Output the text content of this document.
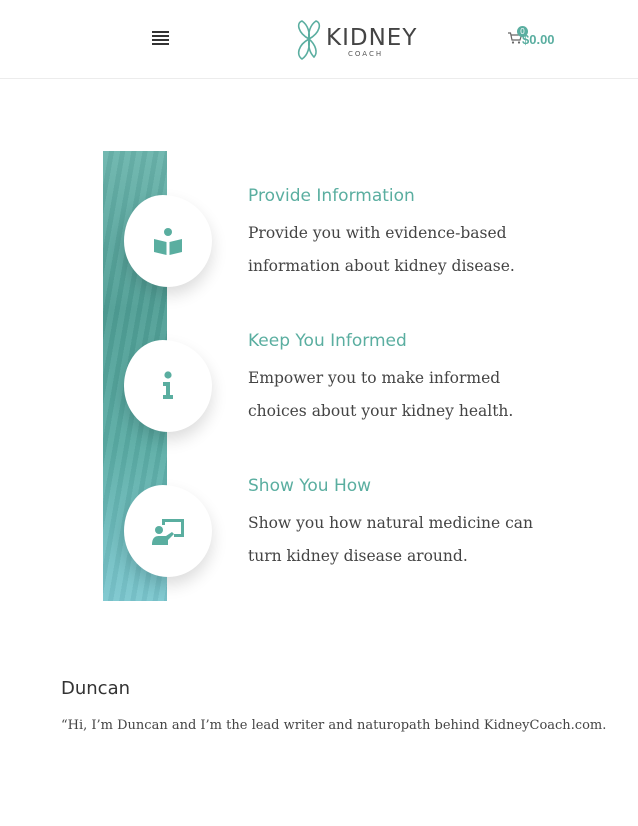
KIDNEY
COACH
0
$0.00
Provide Information
Provide you with evidence-based
information about kidney disease.
Keep You Informed
Empower you to make informed
choices about your kidney health.
Show You How
Show you how natural medicine can
turn kidney disease around.
Duncan
“Hi, I’m Duncan and I’m the lead writer and naturopath behind KidneyCoach.com.
